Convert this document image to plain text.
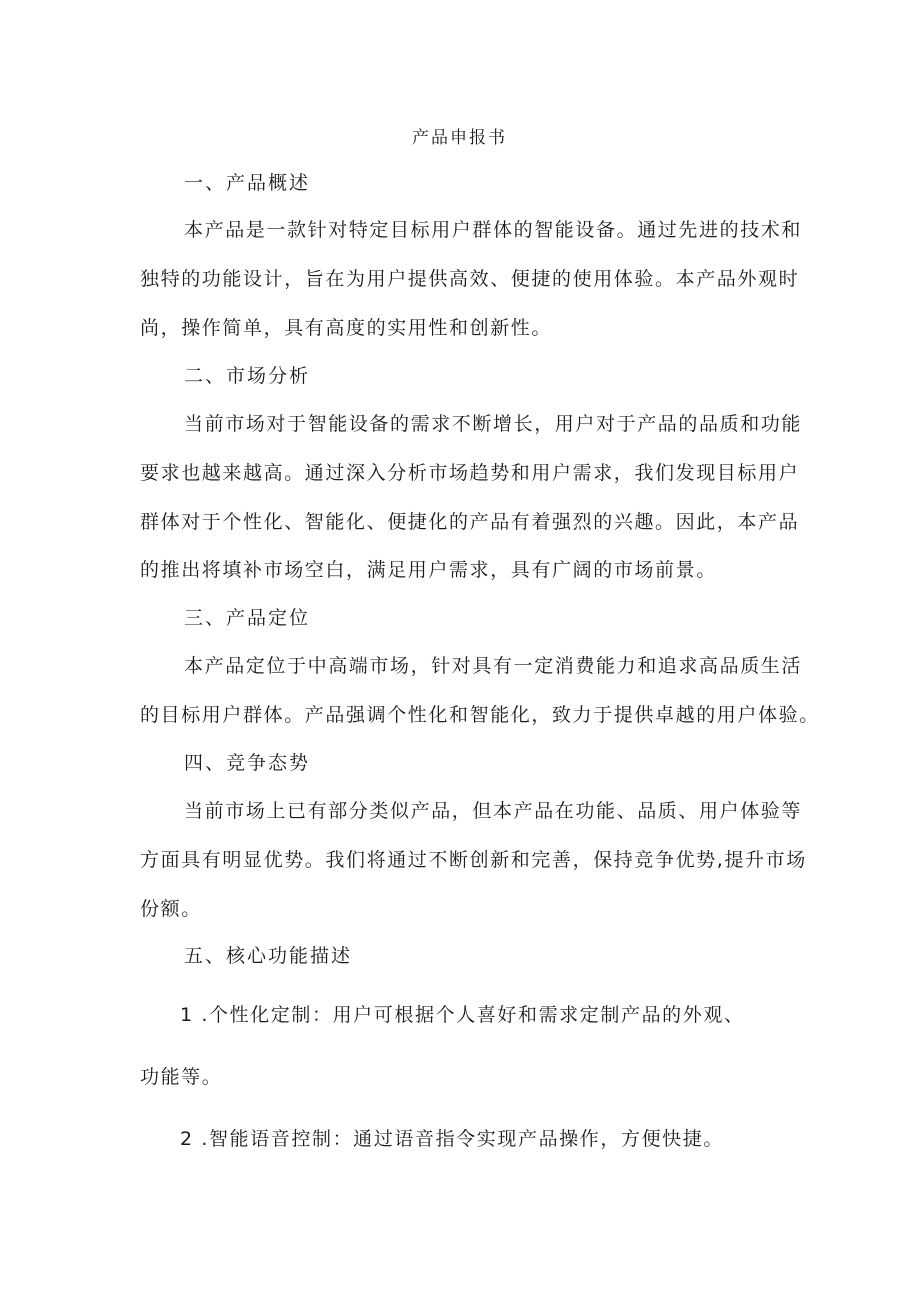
产品申报书
一、产品概述
本产品是一款针对特定目标用户群体的智能设备。通过先进的技术和
独特的功能设计，旨在为用户提供高效、便捷的使用体验。本产品外观时
尚，操作简单，具有高度的实用性和创新性。
二、市场分析
当前市场对于智能设备的需求不断增长，用户对于产品的品质和功能
要求也越来越高。通过深入分析市场趋势和用户需求，我们发现目标用户
群体对于个性化、智能化、便捷化的产品有着强烈的兴趣。因此，本产品
的推出将填补市场空白，满足用户需求，具有广阔的市场前景。
三、产品定位
本产品定位于中高端市场，针对具有一定消费能力和追求高品质生活
的目标用户群体。产品强调个性化和智能化，致力于提供卓越的用户体验。
四、竞争态势
当前市场上已有部分类似产品，但本产品在功能、品质、用户体验等
方面具有明显优势。我们将通过不断创新和完善，保持竞争优势,提升市场
份额。
五、核心功能描述
1 .个性化定制：用户可根据个人喜好和需求定制产品的外观、
功能等。
2 .智能语音控制：通过语音指令实现产品操作，方便快捷。
